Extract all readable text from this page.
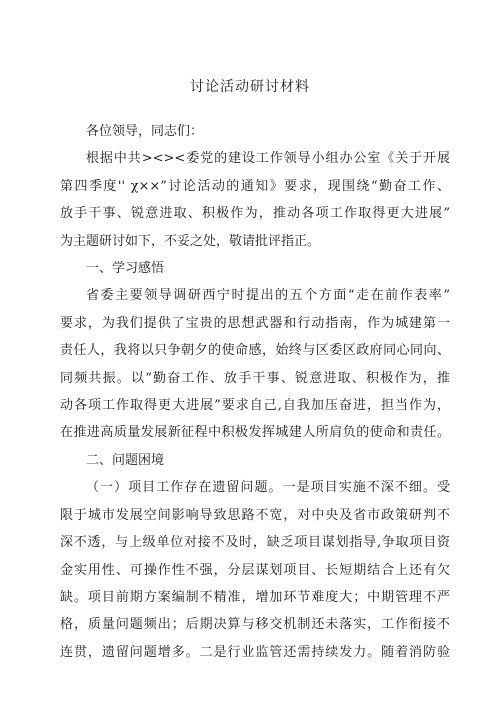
讨论活动研讨材料
各位领导，同志们：
根据中共><><委党的建设工作领导小组办公室《关于开展
第四季度'' χ××”讨论活动的通知》要求，现围绕“勤奋工作、
放手干事、锐意进取、积极作为，推动各项工作取得更大进展”
为主题研讨如下，不妥之处，敬请批评指正。
一、学习感悟
省委主要领导调研西宁时提出的五个方面“走在前作表率”
要求，为我们提供了宝贵的思想武器和行动指南，作为城建第一
责任人，我将以只争朝夕的使命感，始终与区委区政府同心同向、
同频共振。以“勤奋工作、放手干事、锐意进取、积极作为，推
动各项工作取得更大进展”要求自己,自我加压奋进，担当作为，
在推进高质量发展新征程中积极发挥城建人所肩负的使命和责任。
二、问题困境
（一）项目工作存在遗留问题。一是项目实施不深不细。受
限于城市发展空间影响导致思路不宽，对中央及省市政策研判不
深不透，与上级单位对接不及时，缺乏项目谋划指导,争取项目资
金实用性、可操作性不强，分层谋划项目、长短期结合上还有欠
缺。项目前期方案编制不精准，增加环节难度大；中期管理不严
格，质量问题频出；后期决算与移交机制还未落实，工作衔接不
连贯，遗留问题增多。二是行业监管还需持续发力。随着消防验
